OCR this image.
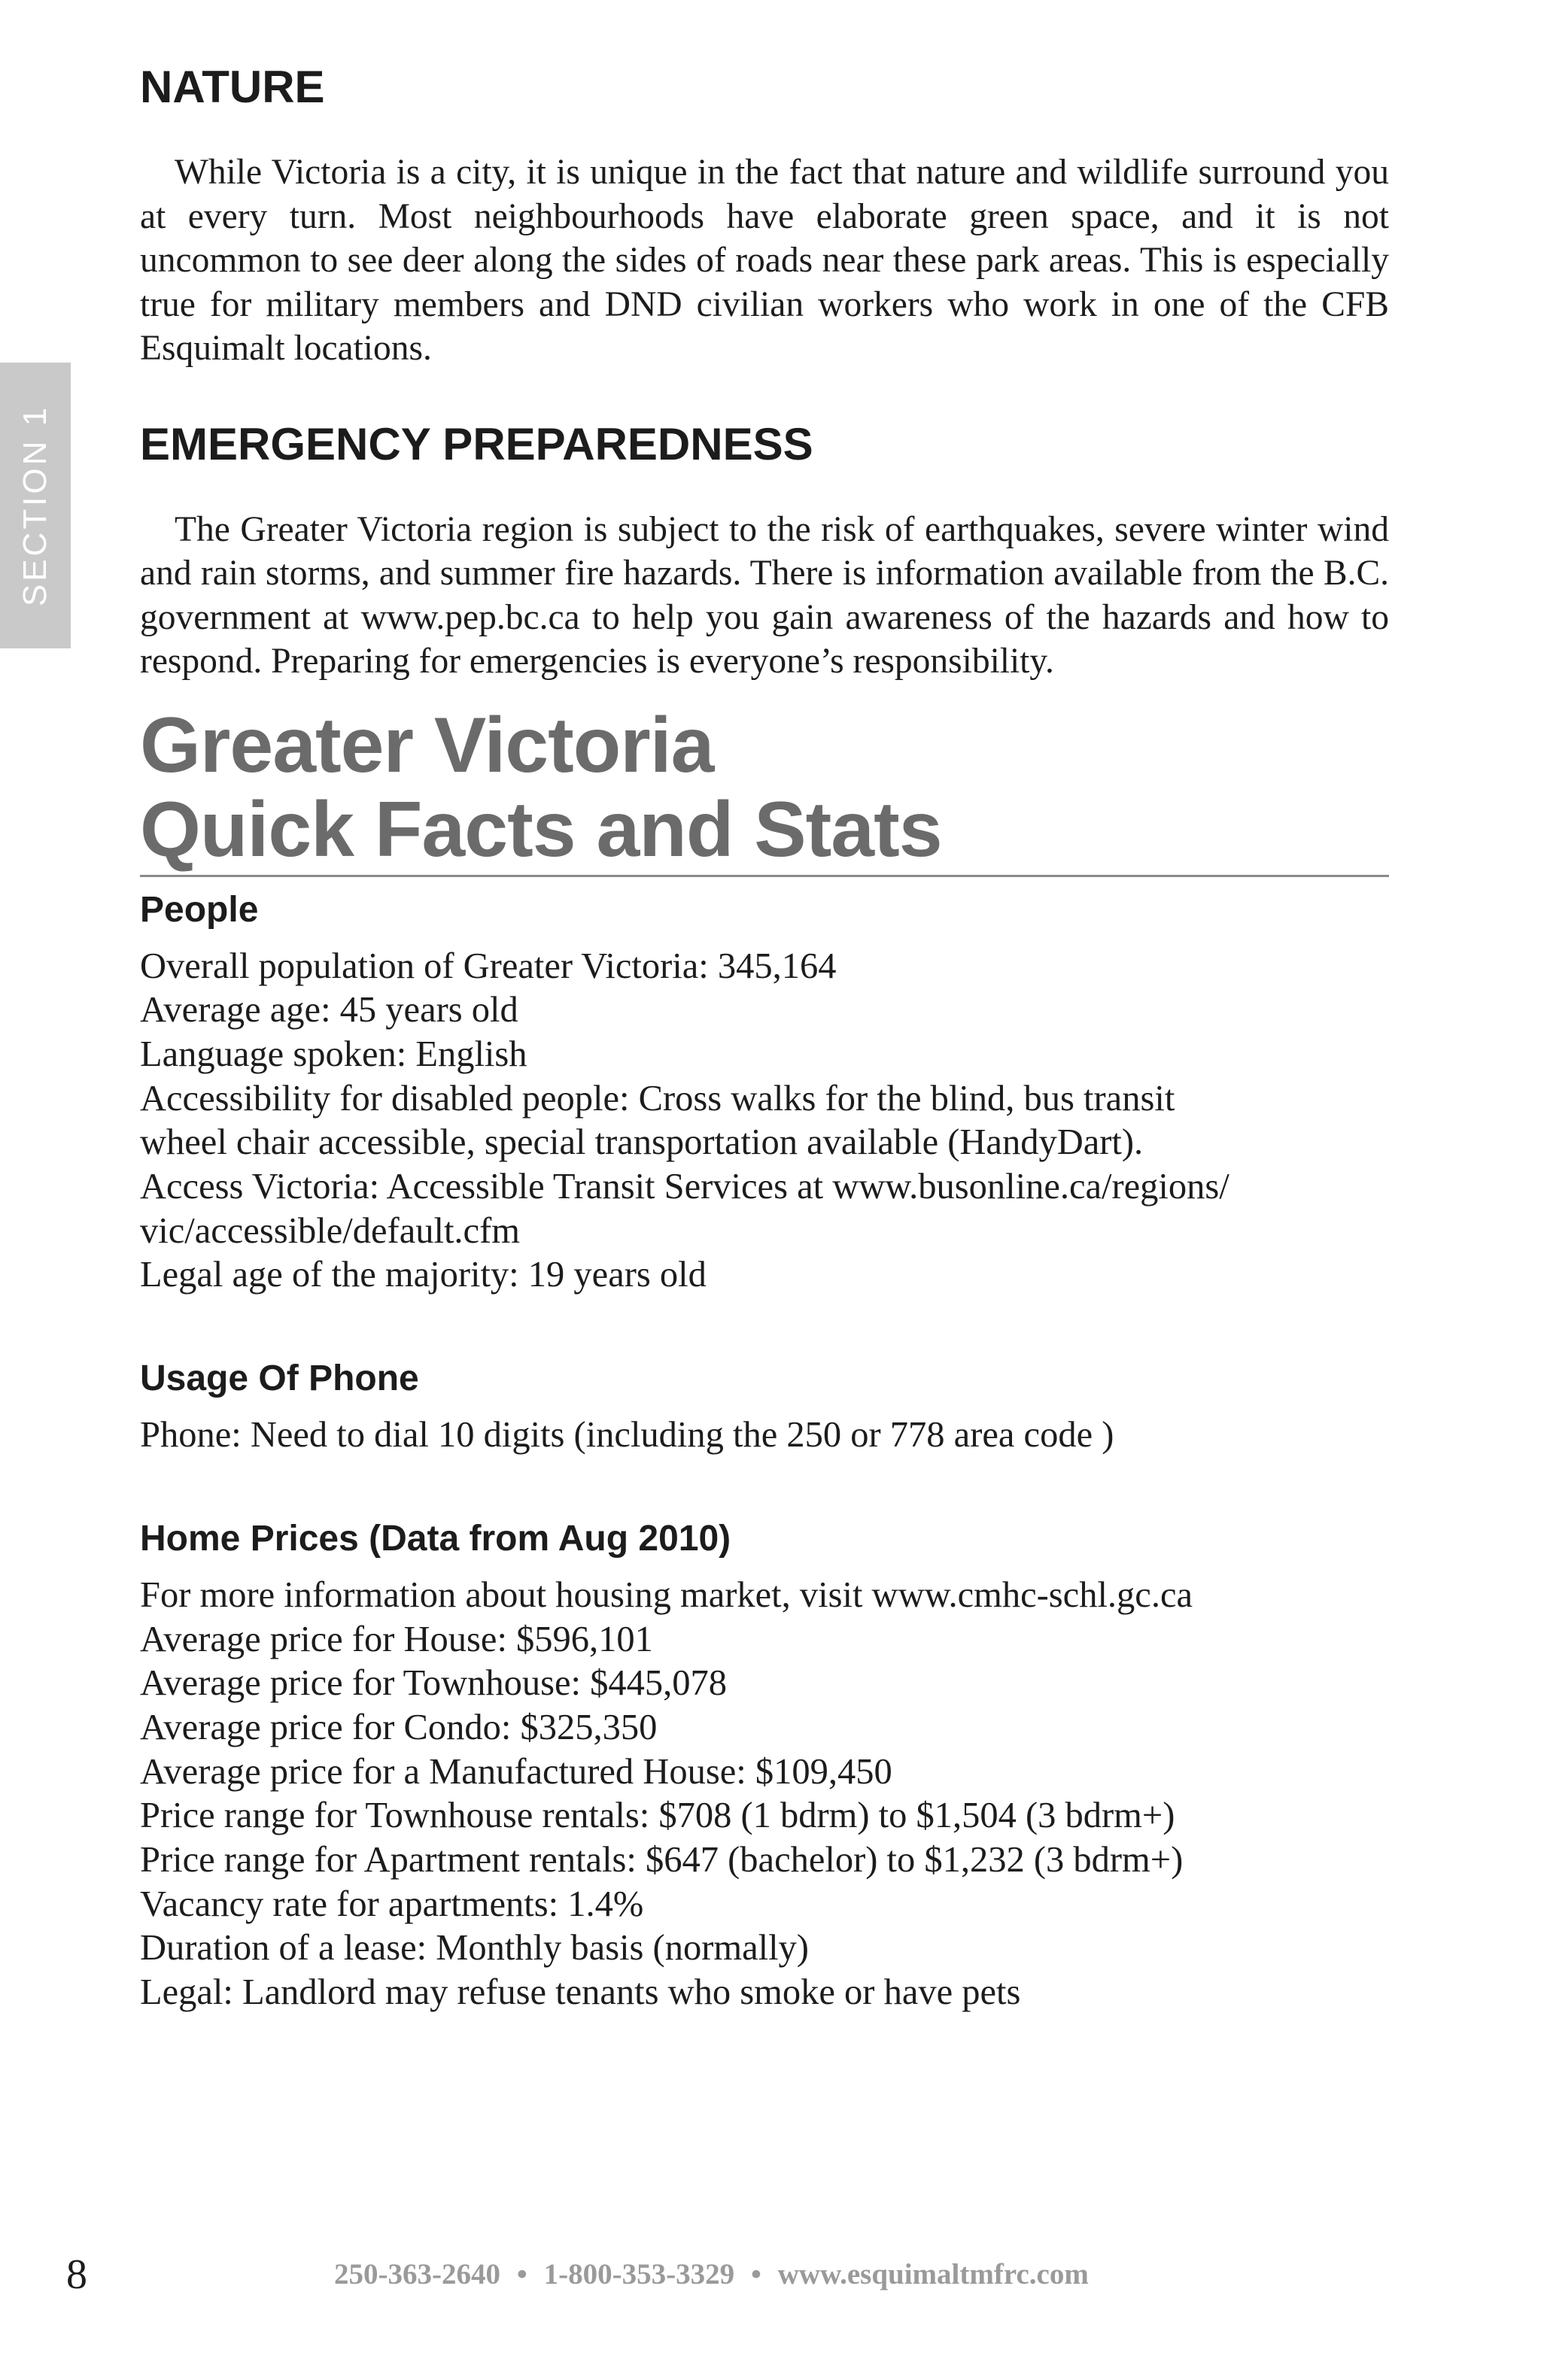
SECTION 1
NATURE

While Victoria is a city, it is unique in the fact that nature and wildlife surround you at every turn. Most neighbourhoods have elaborate green space, and it is not uncommon to see deer along the sides of roads near these park areas. This is especially true for military members and DND civilian workers who work in one of the CFB Esquimalt locations.

EMERGENCY PREPAREDNESS

The Greater Victoria region is subject to the risk of earthquakes, severe winter wind and rain storms, and summer fire hazards. There is information available from the B.C. government at www.pep.bc.ca to help you gain awareness of the hazards and how to respond. Preparing for emergencies is everyone’s responsibility.

Greater Victoria
Quick Facts and Stats
People

Overall population of Greater Victoria: 345,164

Average age: 45 years old

Language spoken: English

Accessibility for disabled people: Cross walks for the blind, bus transit

wheel chair accessible, special transportation available (HandyDart).

Access Victoria: Accessible Transit Services at www.busonline.ca/regions/

vic/accessible/default.cfm

Legal age of the majority: 19 years old

Usage Of Phone

Phone: Need to dial 10 digits (including the 250 or 778 area code )

Home Prices (Data from Aug 2010)

For more information about housing market, visit www.cmhc-schl.gc.ca

Average price for House: $596,101

Average price for Townhouse: $445,078

Average price for Condo: $325,350

Average price for a Manufactured House: $109,450

Price range for Townhouse rentals: $708 (1 bdrm) to $1,504 (3 bdrm+)

Price range for Apartment rentals: $647 (bachelor) to $1,232 (3 bdrm+)

Vacancy rate for apartments: 1.4%

Duration of a lease: Monthly basis (normally)

Legal: Landlord may refuse tenants who smoke or have pets

8	250-363-2640 • 1-800-353-3329 • www.esquimaltmfrc.com
